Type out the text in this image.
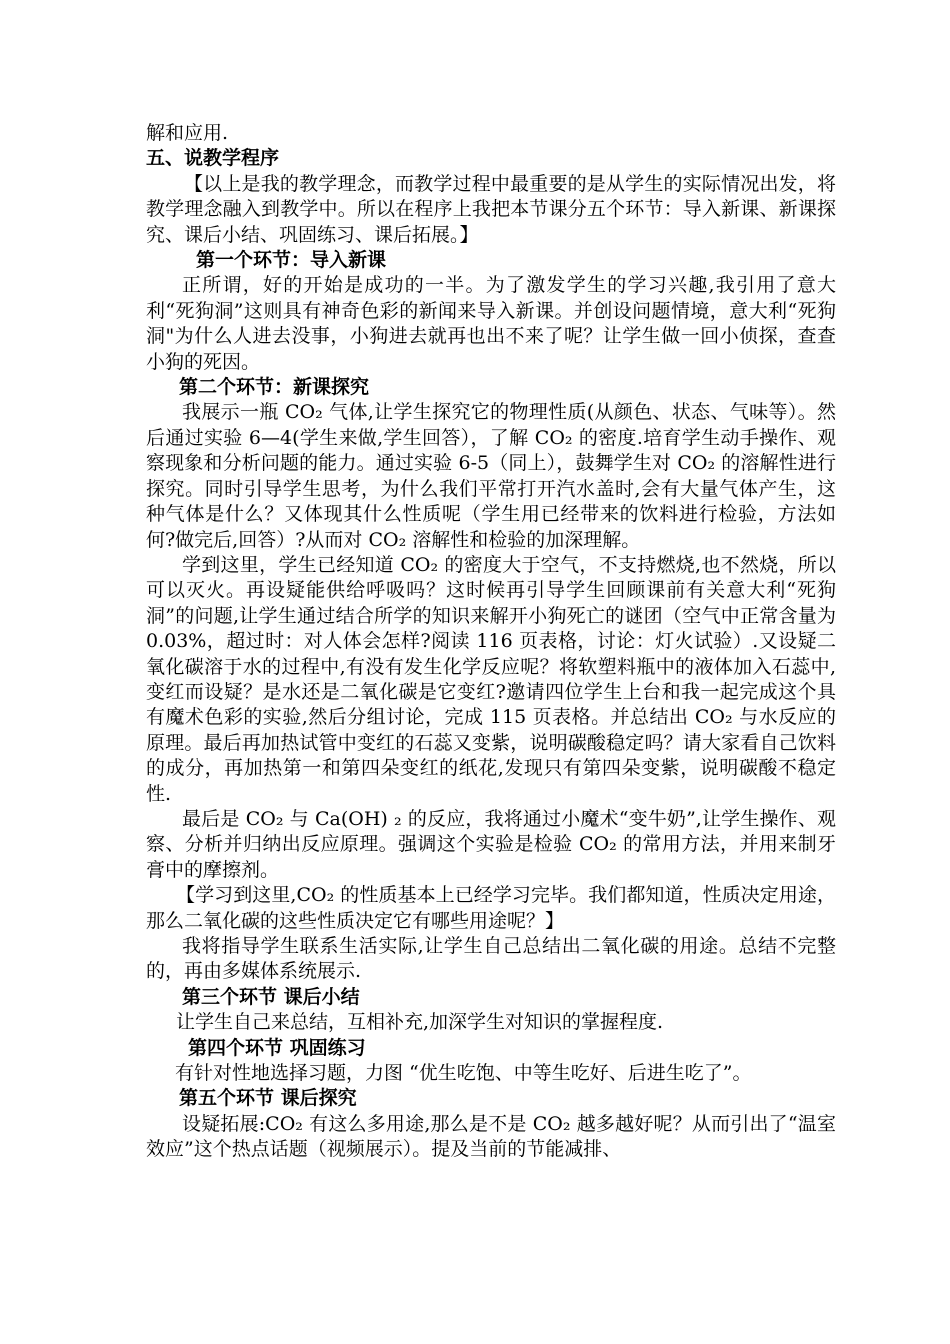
解和应用.

五、说教学程序

【以上是我的教学理念，而教学过程中最重要的是从学生的实际情况出发，将教学理念融入到教学中。所以在程序上我把本节课分五个环节：导入新课、新课探究、课后小结、巩固练习、课后拓展。】

第一个环节：导入新课

正所谓，好的开始是成功的一半。为了激发学生的学习兴趣,我引用了意大利“死狗洞”这则具有神奇色彩的新闻来导入新课。并创设问题情境，意大利“死狗洞"为什么人进去没事，小狗进去就再也出不来了呢？让学生做一回小侦探，查查小狗的死因。

第二个环节：新课探究

我展示一瓶 CO₂ 气体,让学生探究它的物理性质(从颜色、状态、气味等）。然后通过实验 6—4(学生来做,学生回答），了解 CO₂ 的密度.培育学生动手操作、观察现象和分析问题的能力。通过实验 6-5（同上），鼓舞学生对 CO₂ 的溶解性进行探究。同时引导学生思考，为什么我们平常打开汽水盖时,会有大量气体产生，这种气体是什么？又体现其什么性质呢（学生用已经带来的饮料进行检验，方法如何?做完后,回答）?从而对 CO₂ 溶解性和检验的加深理解。

学到这里，学生已经知道 CO₂ 的密度大于空气，不支持燃烧,也不然烧，所以可以灭火。再设疑能供给呼吸吗？这时候再引导学生回顾课前有关意大利“死狗洞”的问题,让学生通过结合所学的知识来解开小狗死亡的谜团（空气中正常含量为 0.03%，超过时：对人体会怎样?阅读 116 页表格，讨论：灯火试验）.又设疑二氧化碳溶于水的过程中,有没有发生化学反应呢？将软塑料瓶中的液体加入石蕊中,变红而设疑？是水还是二氧化碳是它变红?邀请四位学生上台和我一起完成这个具有魔术色彩的实验,然后分组讨论，完成 115 页表格。并总结出 CO₂ 与水反应的原理。最后再加热试管中变红的石蕊又变紫，说明碳酸稳定吗？请大家看自己饮料的成分，再加热第一和第四朵变红的纸花,发现只有第四朵变紫，说明碳酸不稳定性.

最后是 CO₂ 与 Ca(OH) ₂ 的反应，我将通过小魔术“变牛奶”,让学生操作、观察、分析并归纳出反应原理。强调这个实验是检验 CO₂ 的常用方法，并用来制牙膏中的摩擦剂。

【学习到这里,CO₂ 的性质基本上已经学习完毕。我们都知道，性质决定用途，那么二氧化碳的这些性质决定它有哪些用途呢？】

我将指导学生联系生活实际,让学生自己总结出二氧化碳的用途。总结不完整的，再由多媒体系统展示.

第三个环节 课后小结

让学生自己来总结，互相补充,加深学生对知识的掌握程度.

第四个环节 巩固练习

有针对性地选择习题，力图 “优生吃饱、中等生吃好、后进生吃了”。

第五个环节 课后探究

设疑拓展:CO₂ 有这么多用途,那么是不是 CO₂ 越多越好呢？从而引出了“温室效应”这个热点话题（视频展示）。提及当前的节能减排、
